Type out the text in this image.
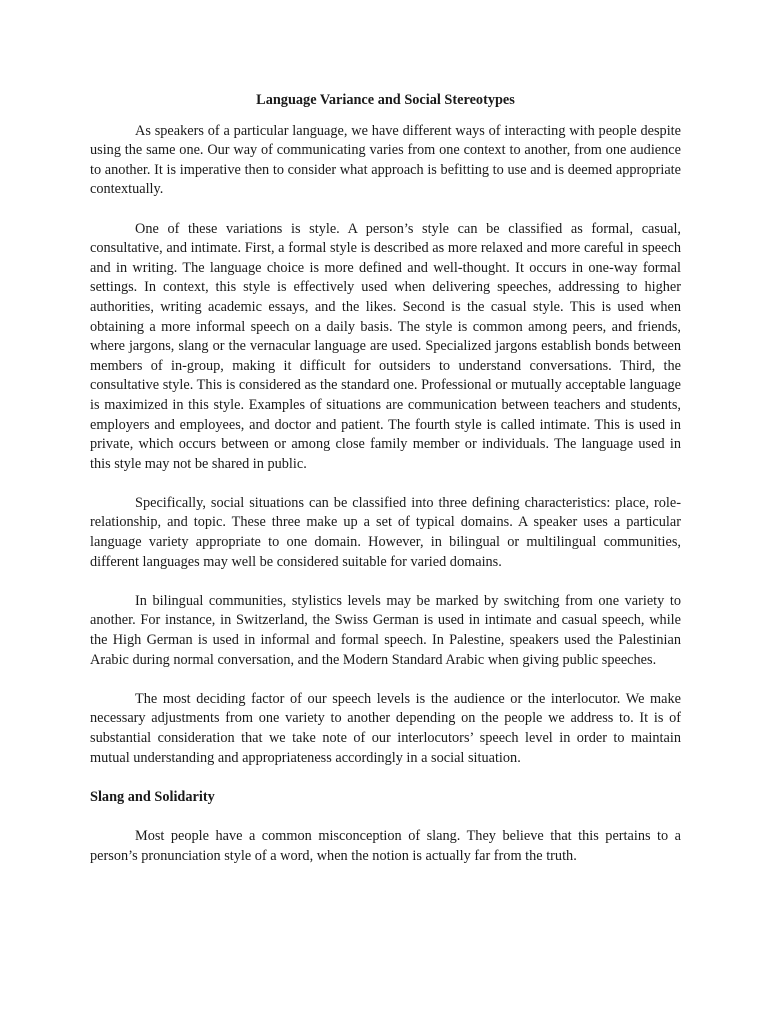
Language Variance and Social Stereotypes

As speakers of a particular language, we have different ways of interacting with people despite using the same one. Our way of communicating varies from one context to another, from one audience to another. It is imperative then to consider what approach is befitting to use and is deemed appropriate contextually.

One of these variations is style. A person’s style can be classified as formal, casual, consultative, and intimate. First, a formal style is described as more relaxed and more careful in speech and in writing. The language choice is more defined and well-thought. It occurs in one-way formal settings. In context, this style is effectively used when delivering speeches, addressing to higher authorities, writing academic essays, and the likes. Second is the casual style. This is used when obtaining a more informal speech on a daily basis. The style is common among peers, and friends, where jargons, slang or the vernacular language are used. Specialized jargons establish bonds between members of in-group, making it difficult for outsiders to understand conversations. Third, the consultative style. This is considered as the standard one. Professional or mutually acceptable language is maximized in this style. Examples of situations are communication between teachers and students, employers and employees, and doctor and patient. The fourth style is called intimate. This is used in private, which occurs between or among close family member or individuals. The language used in this style may not be shared in public.

Specifically, social situations can be classified into three defining characteristics: place, role-relationship, and topic. These three make up a set of typical domains. A speaker uses a particular language variety appropriate to one domain. However, in bilingual or multilingual communities, different languages may well be considered suitable for varied domains.

In bilingual communities, stylistics levels may be marked by switching from one variety to another. For instance, in Switzerland, the Swiss German is used in intimate and casual speech, while the High German is used in informal and formal speech. In Palestine, speakers used the Palestinian Arabic during normal conversation, and the Modern Standard Arabic when giving public speeches.

The most deciding factor of our speech levels is the audience or the interlocutor. We make necessary adjustments from one variety to another depending on the people we address to. It is of substantial consideration that we take note of our interlocutors’ speech level in order to maintain mutual understanding and appropriateness accordingly in a social situation.

Slang and Solidarity

Most people have a common misconception of slang. They believe that this pertains to a person’s pronunciation style of a word, when the notion is actually far from the truth.
